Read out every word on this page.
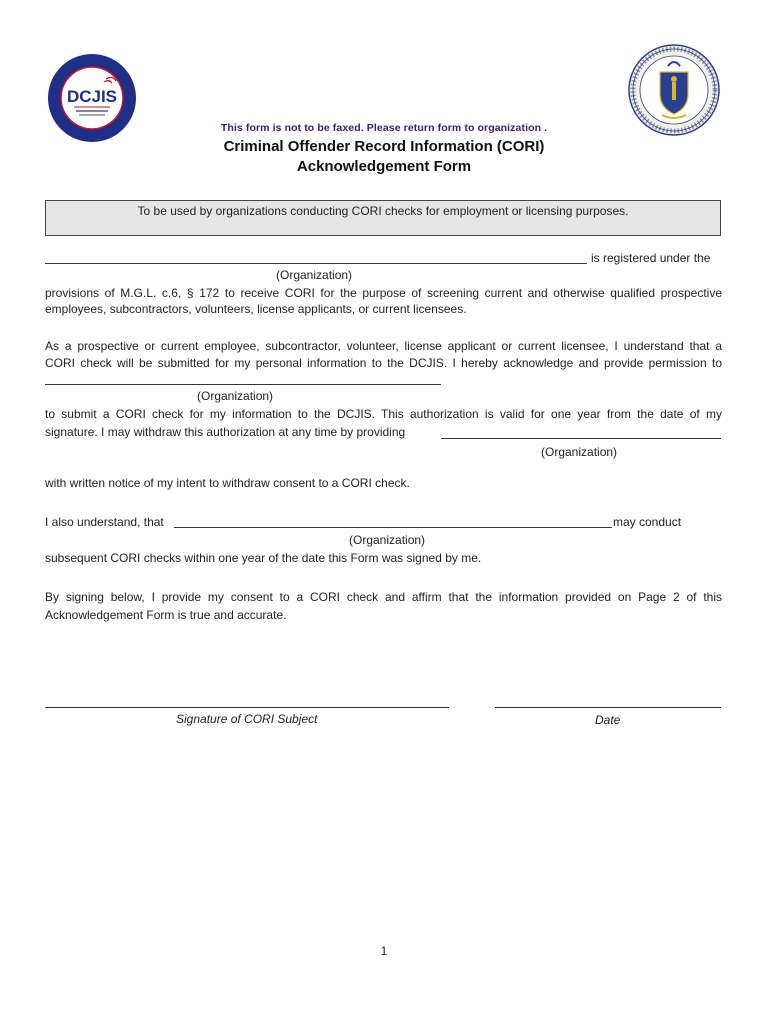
DCJIS
This form is not to be faxed. Please return form to organization .
Criminal Offender Record Information (CORI)
Acknowledgement Form
To be used by organizations conducting CORI checks for employment or licensing purposes.
is registered under the
(Organization)
provisions of M.G.L. c.6, § 172 to receive CORI for the purpose of screening current and otherwise qualified prospective
employees, subcontractors, volunteers, license applicants, or current licensees.
As a prospective or current employee, subcontractor, volunteer, license applicant or current licensee, I understand that a
CORI check will be submitted for my personal information to the DCJIS. I hereby acknowledge and provide permission to
(Organization)
to submit a CORI check for my information to the DCJIS. This authorization is valid for one year from the date of my
signature. I may withdraw this authorization at any time by providing
(Organization)
with written notice of my intent to withdraw consent to a CORI check.
I also understand, that	may conduct
(Organization)
subsequent CORI checks within one year of the date this Form was signed by me.
By signing below, I provide my consent to a CORI check and affirm that the information provided on Page 2 of this
Acknowledgement Form is true and accurate.
Signature of CORI Subject	Date
1
